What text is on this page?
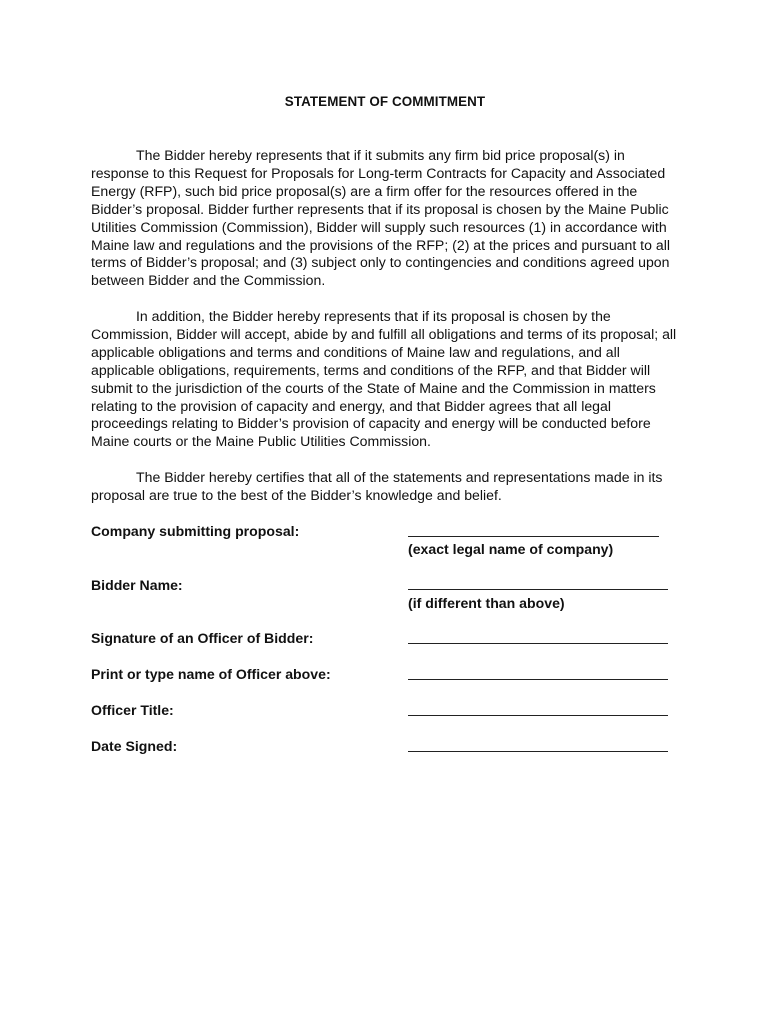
STATEMENT OF COMMITMENT

The Bidder hereby represents that if it submits any firm bid price proposal(s) in response to this Request for Proposals for Long-term Contracts for Capacity and Associated Energy (RFP), such bid price proposal(s) are a firm offer for the resources offered in the Bidder’s proposal. Bidder further represents that if its proposal is chosen by the Maine Public Utilities Commission (Commission), Bidder will supply such resources (1) in accordance with Maine law and regulations and the provisions of the RFP; (2) at the prices and pursuant to all terms of Bidder’s proposal; and (3) subject only to contingencies and conditions agreed upon between Bidder and the Commission.

In addition, the Bidder hereby represents that if its proposal is chosen by the Commission, Bidder will accept, abide by and fulfill all obligations and terms of its proposal; all applicable obligations and terms and conditions of Maine law and regulations, and all applicable obligations, requirements, terms and conditions of the RFP, and that Bidder will submit to the jurisdiction of the courts of the State of Maine and the Commission in matters relating to the provision of capacity and energy, and that Bidder agrees that all legal proceedings relating to Bidder’s provision of capacity and energy will be conducted before Maine courts or the Maine Public Utilities Commission.

The Bidder hereby certifies that all of the statements and representations made in its proposal are true to the best of the Bidder’s knowledge and belief.

Company submitting proposal:
(exact legal name of company)
Bidder Name:
(if different than above)
Signature of an Officer of Bidder:
Print or type name of Officer above:
Officer Title:
Date Signed:
